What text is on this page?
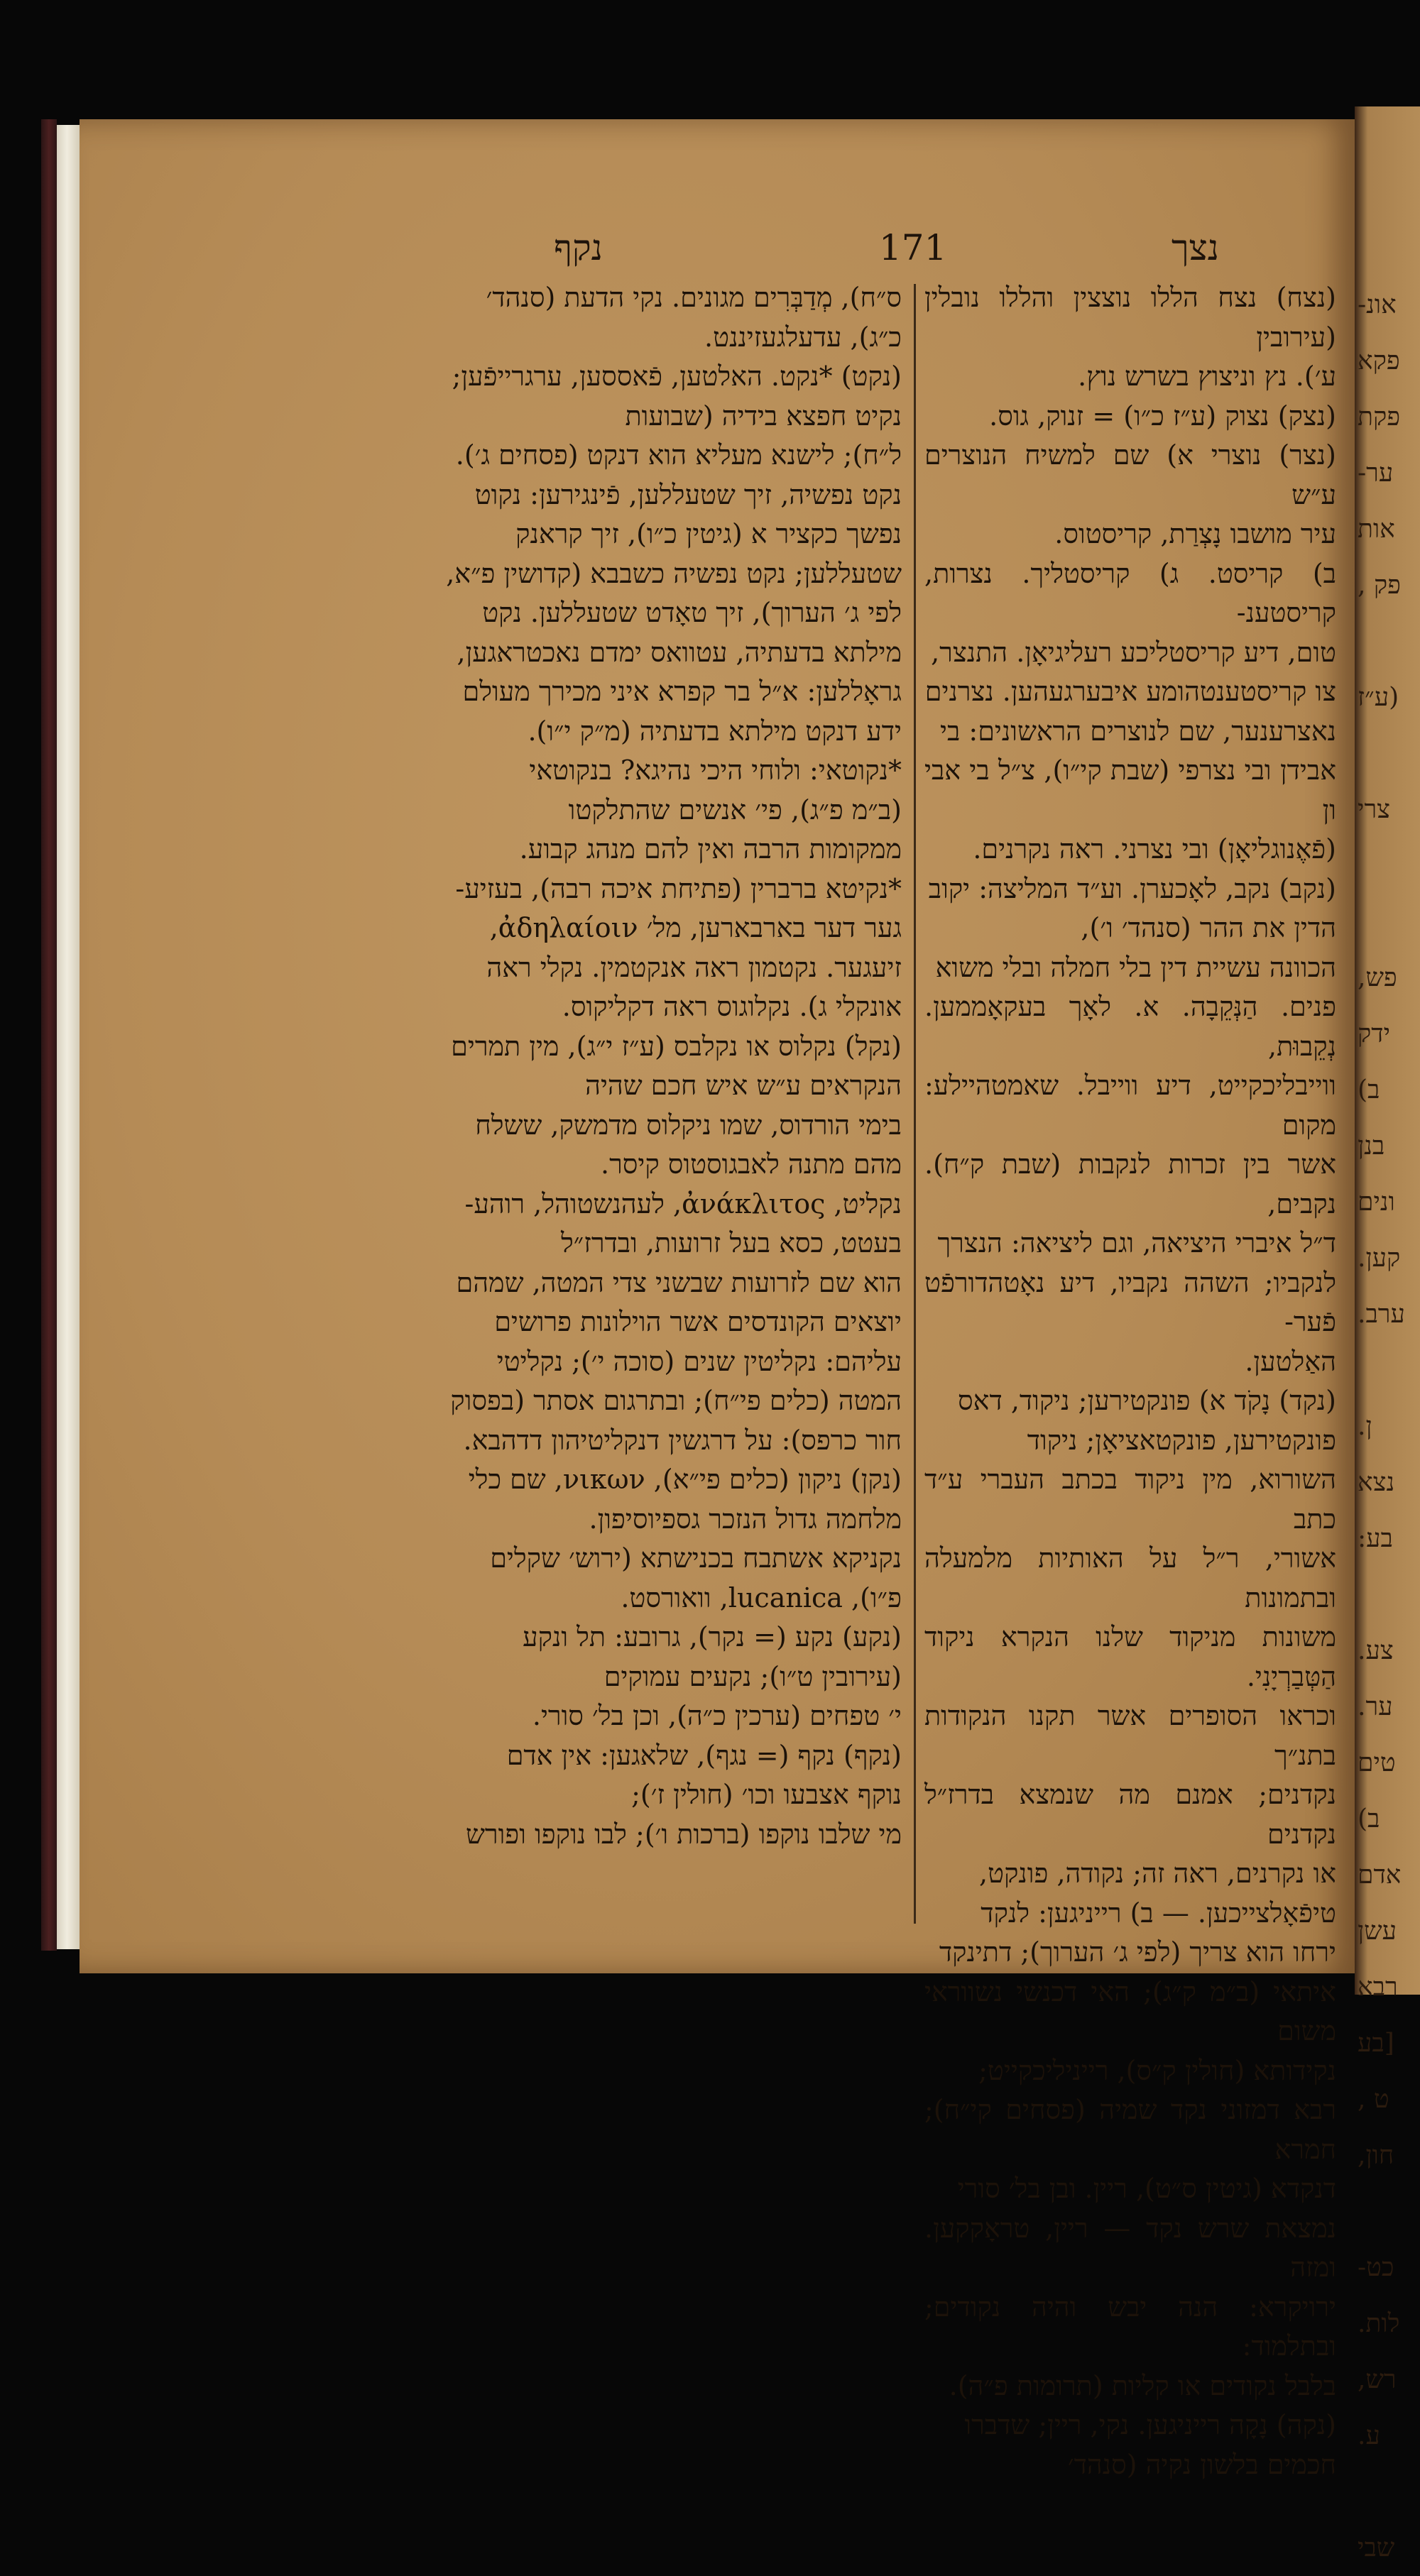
נצך
171
נקף
(נצח) נצח הללו נוצצין והללו נובלין (עירובין
ע׳). נץ וניצוץ בשרש נוץ.
(נצק) נצוק (ע״ז כ״ו) = זנוק, גוס.
(נצר) נוצרי א) שם למשיח הנוצרים ע״ש
עיר מושבו נָצְרַת, קריסטוס.
ב) קריסט. ג) קריסטליך. נצרות, קריסטענ-
טום, דיע קריסטליכע רעליגיאָן. התנצר,
צו קריסטענטהומע איבערגעהען. נצרנים
נאצרענער, שם לנוצרים הראשונים: בי
אבידן ובי נצרפי (שבת קי״ו), צ״ל בי אבי ון
(פֿאֶנוגליאָן) ובי נצרני. ראה נקרנים.
(נקב) נקב, לאָכערן. וע״ד המליצה: יקוב
הדין את ההר (סנהד׳ ו׳),
הכוונה עשיית דין בלי חמלה ובלי משוא
פנים. הַנְּקֵבָה. א. לאָך בעקאָממען. נְקֵבוּת,
ווייבליכקייט, דיע ווייבל. שאמטהיילע: מקום
אשר בין זכרות לנקבות (שבת ק״ח). נקבים,
ד״ל איברי היציאה, וגם ליציאה: הנצרך
לנקביו; השהה נקביו, דיע נאָטהדורפֿט פֿער-
האַלטען.
(נקד) נָקֹד א) פונקטירען; ניקוד, דאס
פונקטירען, פונקטאציאָן; ניקוד
השורוא, מין ניקוד בכתב העברי ע״ד כתב
אשורי, ר״ל על האותיות מלמעלה ובתמונות
משונות מניקוד שלנו הנקרא ניקוד הַטְּבַרְיָנִי.
וכראו הסופרים אשר תקנו הנקודות בתנ״ך
נקדנים; אמנם מה שנמצא בדרז״ל נקדנים
או נקרנים, ראה זה; נקודה, פונקט,
טיפֿאָלצייכען. — ב) רייניגען: לנקד
ירחו הוא צריך (לפי ג׳ הערוך); דתינקד
איתאי (ב״מ ק״ג); האי דכנשי נשווראי משום
נקידותא (חולין ק״ס), רייניליכקייט;
רבא דמזוני נקד שמיה (פסחים קי״ח); חמרא
דנקדא (גיטין ס״ט), ריין. ובן בל׳ סורי
נמצאת שרש נקד — ריין, טראָקקען. ומזה
ירויקרא: הנה יבש והיה נקודים; ובתלמוד:
בלבל נקודים או קליות (תרומות פ״ה).
(נקה) נָקָה רייניגען. נקי, ריין; שדברו
חכמים בלשון נקיה (סנהד׳
ס״ח), מְדַבְּרִים מגונים. נקי הדעת (סנהד׳
כ״ג), עדעלגעזיננט.
(נקט) *נקט. האלטען, פֿאססען, ערגרייפֿען;
נקיט חפצא בידיה (שבועות
ל״ח); לישנא מעליא הוא דנקט (פסחים ג׳).
נקט נפשיה, זיך שטעללען, פֿינגירען: נקוט
נפשך כקציר א (גיטין כ״ו), זיך קראנק
שטעללען; נקט נפשיה כשבבא (קדושין פ״א,
לפי ג׳ הערוך), זיך טאָדט שטעללען. נקט
מילתא בדעתיה, עטוואס ימדם נאכטראגען,
גראָללען: א״ל בר קפרא איני מכירך מעולם
ידע דנקט מילתא בדעתיה (מ״ק י״ו).
*נקוטאי: ולוחי היכי נהיגא? בנקוטאי
(ב״מ פ״ג), פי׳ אנשים שהתלקטו
ממקומות הרבה ואין להם מנהג קבוע.
*נקיטא ברברין (פתיחת איכה רבה), בעזיע-
גער דער בארבארען, מל׳ ἀδηλαίοιν,
זיעגער. נקטמון ראה אנקטמין. נקלי ראה
אונקלי ג). נקלוגוס ראה דקליקוס.
(נקל) נקלוס או נקלבס (ע״ז י״ג), מין תמרים
הנקראים ע״ש איש חכם שהיה
בימי הורדוס, שמו ניקלוס מדמשק, ששלח
מהם מתנה לאבגוסטוס קיסר.
נקליט, ἀνάκλιτος, לעהנשטוהל, רוהע-
בעטט, כסא בעל זרועות, ובדרז״ל
הוא שם לזרועות שבשני צדי המטה, שמהם
יוצאים הקונדסים אשר הוילונות פרושים
עליהם: נקליטין שנים (סוכה י׳); נקליטי
המטה (כלים פי״ח); ובתרגום אסתר (בפסוק
חור כרפס): על דרגשין דנקליטיהון דדהבא.
(נקן) ניקון (כלים פי״א), νικων, שם כלי
מלחמה גדול הנזכר גספיוסיפון.
נקניקא אשתבח בכנישתא (ירוש׳ שקלים
פ״ו), lucanica, וואורסט.
(נקע) נקע (= נקר), גרובע: תל ונקע
(עירובין ט״ו); נקעים עמוקים
י׳ טפחים (ערכין כ״ה), וכן בל׳ סורי.
(נקף) נקף (= נגף), שלאגען: אין אדם
נוקף אצבעו וכו׳ (חולין ז׳);
מי שלבו נוקפו (ברכות ו׳); לבו נוקפו ופורש
אונ-
פקא
פקת
ער-
אות
פק ,

(ע״ז

צרי

פש,
ידק
ב)
בנן
ונים
קען.
ערב.

ן.
נצא
בע:

צע.
ער.
טים
ב)
אדם
עשן
רבא
[בע
ט ,
חון,

כט-
לות.
רש,
ע.

שבי
